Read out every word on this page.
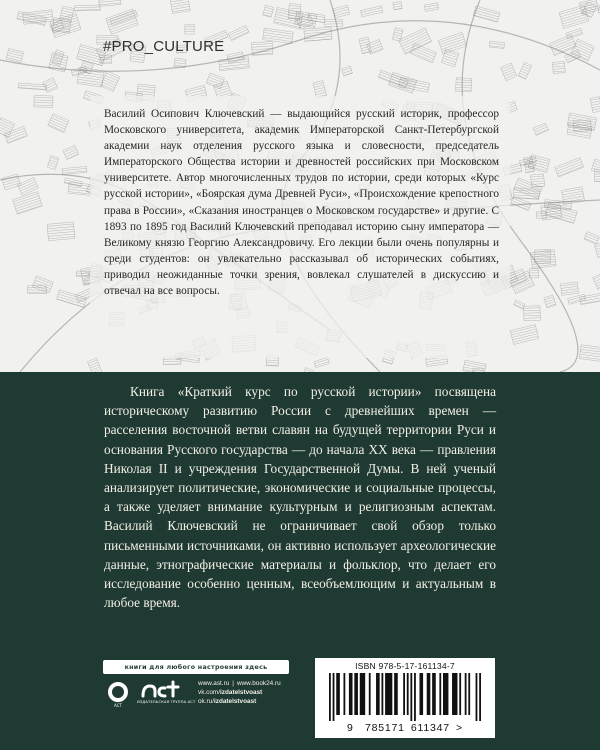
#PRO_CULTURE

Василий Осипович Ключевский — выдающийся русский историк, профессор Московского университета, академик Императорской Санкт-Петербургской академии наук отделения русского языка и словесности, председатель Императорского Общества истории и древностей российских при Московском университете. Автор многочисленных трудов по истории, среди которых «Курс русской истории», «Боярская дума Древней Руси», «Происхождение крепостного права в России», «Сказания иностранцев о Московском государстве» и другие. С 1893 по 1895 год Василий Ключевский преподавал историю сыну императора — Великому князю Георгию Александровичу. Его лекции были очень популярны и среди студентов: он увлекательно рассказывал об исторических событиях, приводил неожиданные точки зрения, вовлекал слушателей в дискуссию и отвечал на все вопросы.

Книга «Краткий курс по русской истории» посвящена историческому развитию России с древнейших времен — расселения восточной ветви славян на будущей территории Руси и основания Русского государства — до начала XX века — правления Николая II и учреждения Государственной Думы. В ней ученый анализирует политические, экономические и социальные процессы, а также уделяет внимание культурным и религиозным аспектам. Василий Ключевский не ограничивает свой обзор только письменными источниками, он активно использует археологические данные, этнографические материалы и фольклор, что делает его исследование особенно ценным, всеобъемлющим и актуальным в любое время.

книги для любого настроения здесь
АСТ
ИЗДАТЕЛЬСКАЯ ГРУППА АСТ
www.ast.ru | www.book24.ru
vk.com/izdatelstvoast
ok.ru/izdatelstvoast
ISBN 978-5-17-161134-7
9  785171  611347  >
